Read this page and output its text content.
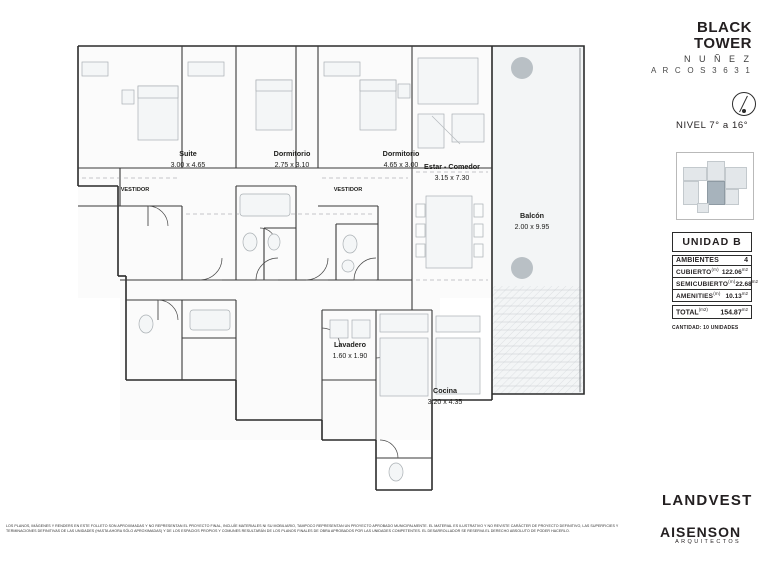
Suite
3.00 x 4.65
Dormitorio
2.75 x 3.10
Dormitorio
4.65 x 3.00 Estar - Comedor
3.15 x 7.30
Balcón
2.00 x 9.95
Lavadero
1.60 x 1.90
Cocina
3.20 x 4.35
VESTIDOR	VESTIDOR
BLACK TOWER
N U Ñ E Z
A R C O S 3 6 3 1
NIVEL 7° a 16°
UNIDAD B
AMBIENTES	4
CUBIERTO$^{(m)}$ $122.06^{m2}$
SEMICUBIERTO$^{(m)}$ $22.68^{m2}$
AMENITIES$^{(m)}$ $10.13^{m2}$
$TOTAL^{(m2)}$ $154.87^{m2}$
CANTIDAD: 10 UNIDADES
LANDVEST
AISENSON
ARQUITECTOS
LOS PLANOS, IMÁGENES Y RENDERS EN ESTE FOLLETO SON APROXIMADAS Y NO REPRESENTAN EL PROYECTO FINAL, INCLUÍE MATERIALES NI SU MOBILIARIO, TAMPOCO REPRESENTAN UN PROYECTO APROBADO MUNICIPALMENTE. EL MATERIAL ES ILUSTRATIVO Y NO REVISTE CARÁCTER DE PROYECTO DEFINITIVO, LAS SUPERFICIES Y TERMINACIONES DEFINITIVAS DE LAS UNIDADES (HASTA AHORA SÓLO APROXIMADAS) Y DE LOS ESPACIOS PROPIOS Y COMUNES RESULTARÁN DE LOS PLANOS FINALES DE OBRA APROBADOS POR LAS UNIDADES COMPETENTES. EL DESARROLLADOR SE RESERVA EL DERECHO ABSOLUTO DE PODER HACERLO.
